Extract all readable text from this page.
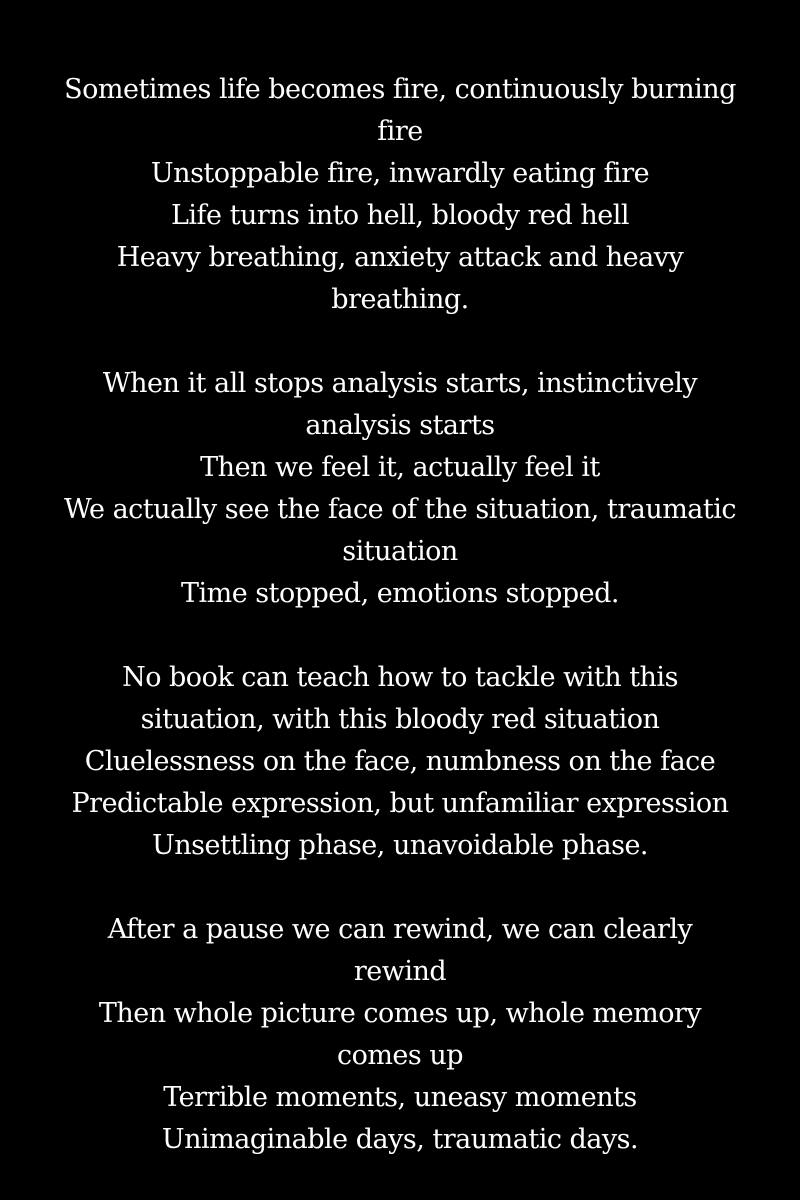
Sometimes life becomes fire, continuously burning fire
Unstoppable fire, inwardly eating fire
Life turns into hell, bloody red hell
Heavy breathing, anxiety attack and heavy breathing.
When it all stops analysis starts, instinctively analysis starts
Then we feel it, actually feel it
We actually see the face of the situation, traumatic situation
Time stopped, emotions stopped.
No book can teach how to tackle with this situation, with this bloody red situation
Cluelessness on the face, numbness on the face
Predictable expression, but unfamiliar expression
Unsettling phase, unavoidable phase.
After a pause we can rewind, we can clearly rewind
Then whole picture comes up, whole memory comes up
Terrible moments, uneasy moments
Unimaginable days, traumatic days.
